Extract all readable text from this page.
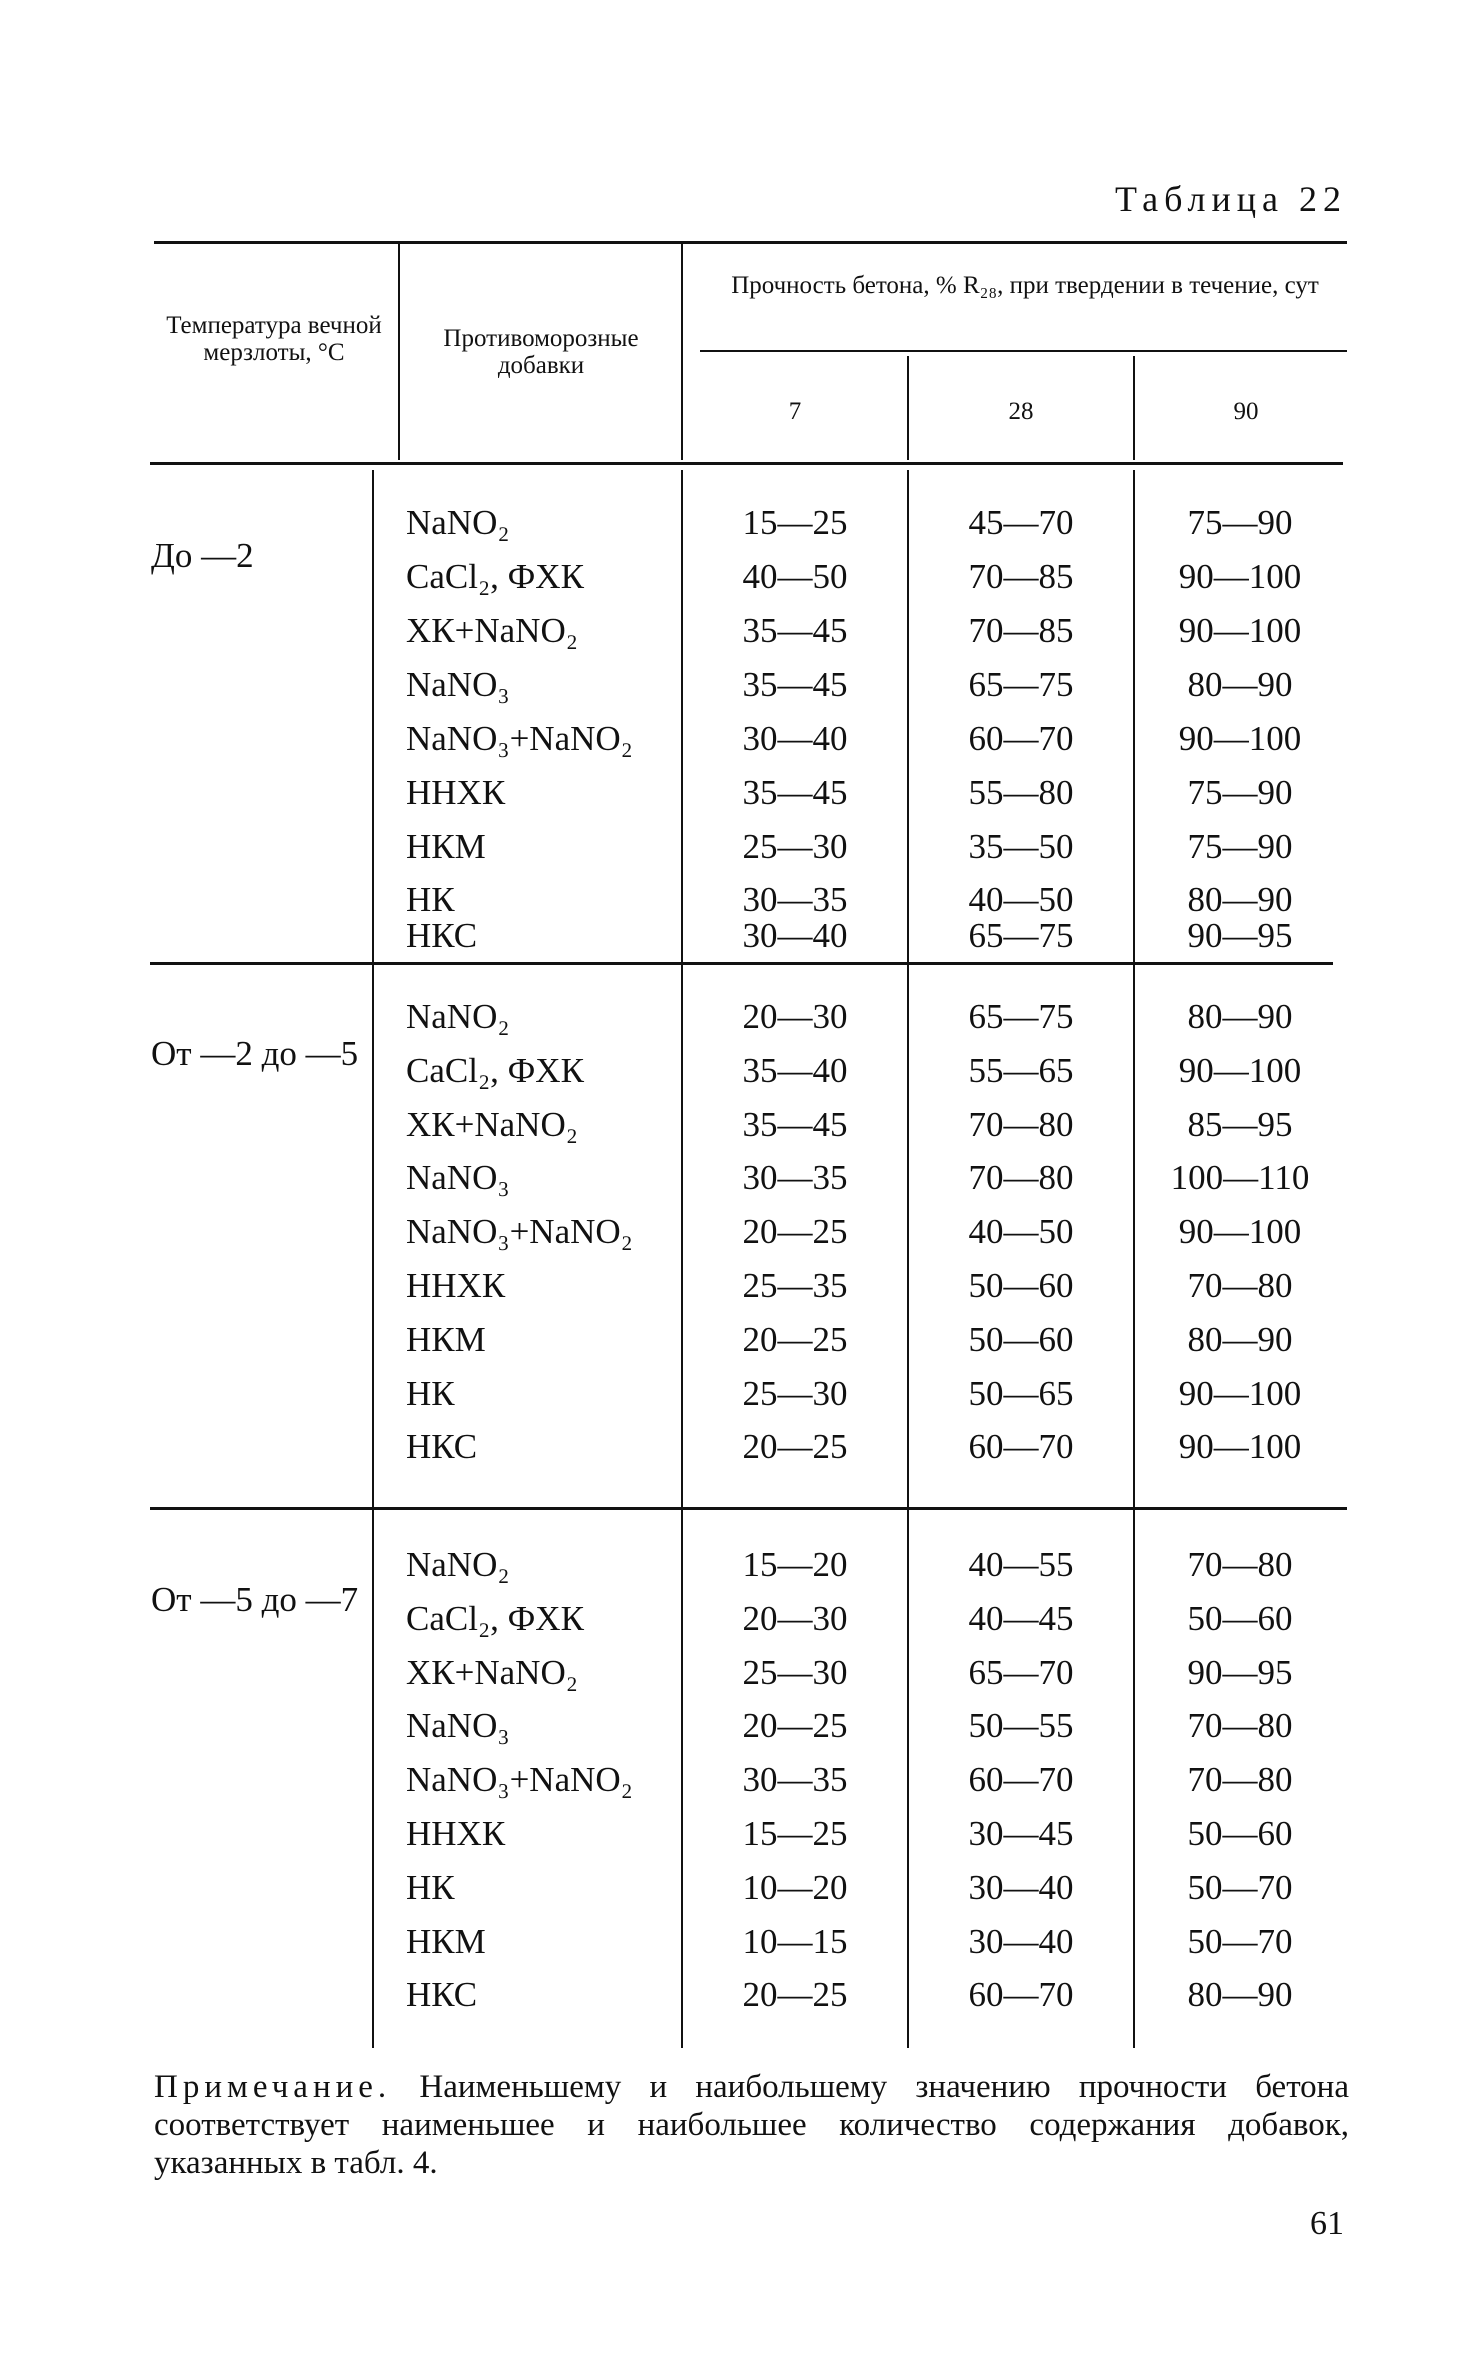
Таблица 22
Температура вечной мерзлоты, °С
Противоморозные добавки
Прочность бетона, % R₂₈, при твердении в течение, сут
7	28	90
До —2
NaNO₂	15—25	45—70	75—90
CaCl₂, ФХК	40—50	70—85	90—100
ХК+NaNO₂	35—45	70—85	90—100
NaNO₃	35—45	65—75	80—90
NaNO₃+NaNO₂	30—40	60—70	90—100
ННХК	35—45	55—80	75—90
НКМ	25—30	35—50	75—90
НК	30—35	40—50	80—90
НКС	30—40	65—75	90—95
От —2 до —5
NaNO₂	20—30	65—75	80—90
CaCl₂, ФХК	35—40	55—65	90—100
ХК+NaNO₂	35—45	70—80	85—95
NaNO₃	30—35	70—80	100—110
NaNO₃+NaNO₂	20—25	40—50	90—100
ННХК	25—35	50—60	70—80
НКМ	20—25	50—60	80—90
НК	25—30	50—65	90—100
НКС	20—25	60—70	90—100
От —5 до —7
NaNO₂	15—20	40—55	70—80
CaCl₂, ФХК	20—30	40—45	50—60
ХК+NaNO₂	25—30	65—70	90—95
NaNO₃	20—25	50—55	70—80
NaNO₃+NaNO₂	30—35	60—70	70—80
ННХК	15—25	30—45	50—60
НК	10—20	30—40	50—70
НКМ	10—15	30—40	50—70
НКС	20—25	60—70	80—90
Примечание. Наименьшему и наибольшему значению прочности бетона соответствует наименьшее и наибольшее количество содержания добавок, указанных в табл. 4.
61
